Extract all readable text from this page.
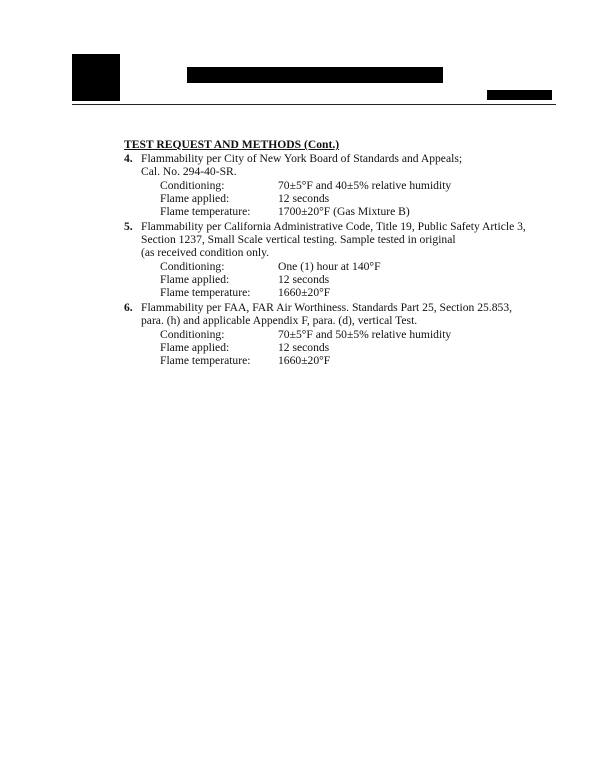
TEST REQUEST AND METHODS (Cont.)
4. Flammability per City of New York Board of Standards and Appeals;
Cal. No. 294-40-SR.
Conditioning:	70±5°F and 40±5% relative humidity
Flame applied:	12 seconds
Flame temperature:	1700±20°F (Gas Mixture B)
5. Flammability per California Administrative Code, Title 19, Public Safety Article 3,
Section 1237, Small Scale vertical testing. Sample tested in original
(as received condition only.
Conditioning:	One (1) hour at 140°F
Flame applied:	12 seconds
Flame temperature:	1660±20°F
6. Flammability per FAA, FAR Air Worthiness. Standards Part 25, Section 25.853,
para. (h) and applicable Appendix F, para. (d), vertical Test.
Conditioning:	70±5°F and 50±5% relative humidity
Flame applied:	12 seconds
Flame temperature:	1660±20°F
